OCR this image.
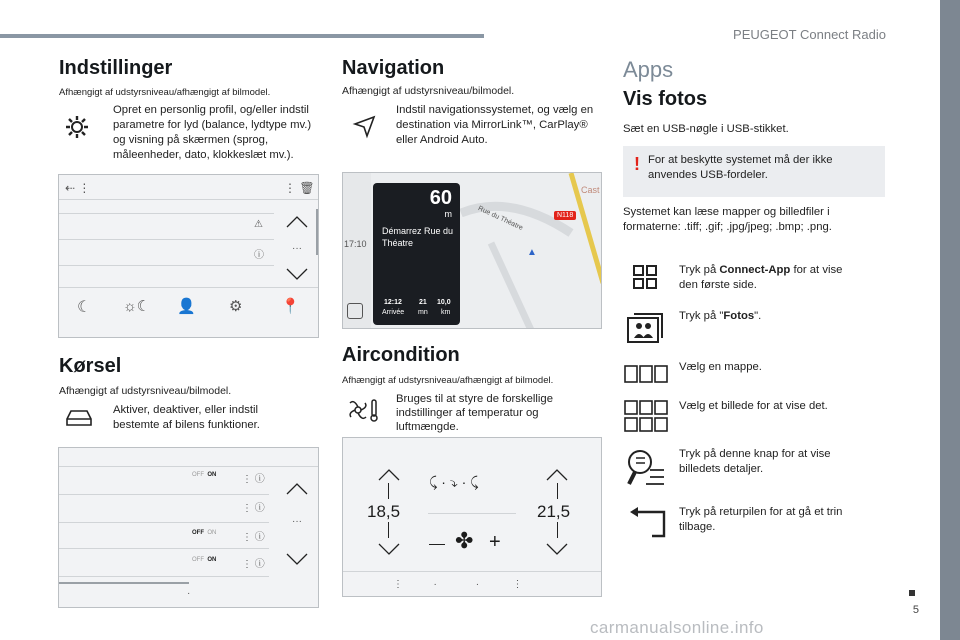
PEUGEOT Connect Radio
5
Indstillinger
Afhængigt af udstyrsniveau/afhængigt af bilmodel.
Opret en personlig profil, og/eller indstil parametre for lyd (balance, lydtype mv.) og visning på skærmen (sprog, måleenheder, dato, klokkeslæt mv.).
⇠ ⋮	⋮ 🗑
⚠
ⓘ
···
☾ ☼☾ 👤 ⚙	📍
Kørsel
Afhængigt af udstyrsniveau/bilmodel.
Aktiver, deaktiver, eller indstil bestemte af bilens funktioner.
OFF ON	⋮ ⓘ
⋮ ⓘ
OFF ON	⋮ ⓘ
OFF ON	⋮ ⓘ
···
·
Navigation
Afhængigt af udstyrsniveau/bilmodel.
Indstil navigationssystemet, og vælg en destination via MirrorLink™, CarPlay® eller Android Auto.
17:10
N118
Cast
Rue du Théatre
▲
60
m
Démarrez Rue du Théatre
12:12
Arrivée
21
mn
10,0
km
Aircondition
Afhængigt af udstyrsniveau/afhængigt af bilmodel.
Bruges til at styre de forskellige indstillinger af temperatur og luftmængde.
18,5	21,5
⤹ · ⤵ · ⤹
✤ +
⋮           ·              ·            ⋮
Apps
Vis fotos
Sæt en USB-nøgle i USB-stikket.
! For at beskytte systemet må der ikke anvendes USB-fordeler.
Systemet kan læse mapper og billedfiler i formaterne: .tiff; .gif; .jpg/jpeg; .bmp; .png.
Tryk på Connect-App for at vise den første side.
Tryk på "Fotos".
Vælg en mappe.
Vælg et billede for at vise det.
Tryk på denne knap for at vise billedets detaljer.
Tryk på returpilen for at gå et trin tilbage.
carmanualsonline.info
